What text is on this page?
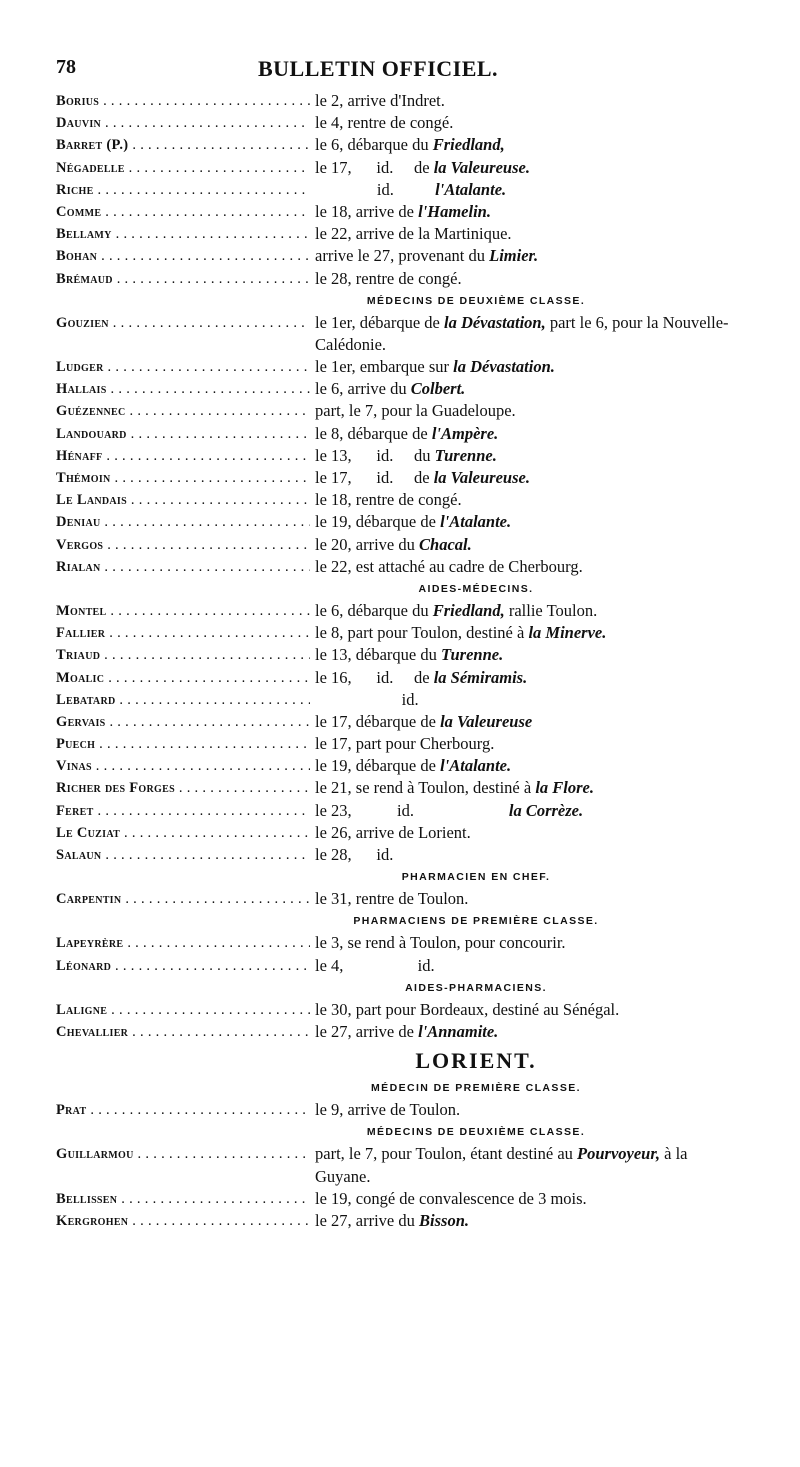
78	BULLETIN OFFICIEL.
Borius . . .	le 2, arrive d'Indret.
Dauvin . . .	le 4, rentre de congé.
Barret (P.) . . .	le 6, débarque du Friedland,
Négadelle . . .	le 17,      id.     de la Valeureuse.
Riche . . .	id.          l'Atalante.
Comme . . .	le 18, arrive de l'Hamelin.
Bellamy . . .	le 22, arrive de la Martinique.
Bohan . . .	arrive le 27, provenant du Limier.
Brémaud . . .	le 28, rentre de congé.
MÉDECINS DE DEUXIÈME CLASSE.
Gouzien . . .	le 1er, débarque de la Dévastation, part le 6, pour la Nouvelle-Calédonie.
Ludger . . .	le 1er, embarque sur la Dévastation.
Hallais . . .	le 6, arrive du Colbert.
Guézennec . . .	part, le 7, pour la Guadeloupe.
Landouard . . .	le 8, débarque de l'Ampère.
Hénaff . . .	le 13,      id.     du Turenne.
Thémoin . . .	le 17,      id.     de la Valeureuse.
Le Landais . . .	le 18, rentre de congé.
Deniau . . .	le 19, débarque de l'Atalante.
Vergos . . .	le 20, arrive du Chacal.
Rialan . . .	le 22, est attaché au cadre de Cherbourg.
AIDES-MÉDECINS.
Montel . . .	le 6, débarque du Friedland, rallie Toulon.
Fallier . . .	le 8, part pour Toulon, destiné à la Minerve.
Triaud . . .	le 13, débarque du Turenne.
Moalic . . .	le 16,      id.     de la Sémiramis.
Lebatard . . .	id.
Gervais . . .	le 17, débarque de la Valeureuse
Puech . . .	le 17, part pour Cherbourg.
Vinas . . .	le 19, débarque de l'Atalante.
Richer des Forges . . .	le 21, se rend à Toulon, destiné à la Flore.
Feret . . .	le 23,           id.                       la Corrèze.
Le Cuziat . . .	le 26, arrive de Lorient.
Salaun . . .	le 28,      id.
PHARMACIEN EN CHEF.
Carpentin . . .	le 31, rentre de Toulon.
PHARMACIENS DE PREMIÈRE CLASSE.
Lapeyrère . . .	le 3, se rend à Toulon, pour concourir.
Léonard . . .	le 4,                  id.
AIDES-PHARMACIENS.
Laligne . . .	le 30, part pour Bordeaux, destiné au Sénégal.
Chevallier . . .	le 27, arrive de l'Annamite.
LORIENT.
MÉDECIN DE PREMIÈRE CLASSE.
Prat . . .	le 9, arrive de Toulon.
MÉDECINS DE DEUXIÈME CLASSE.
Guillarmou . . .	part, le 7, pour Toulon, étant destiné au Pourvoyeur, à la Guyane.
Bellissen . . .	le 19, congé de convalescence de 3 mois.
Kergrohen . . .	le 27, arrive du Bisson.
